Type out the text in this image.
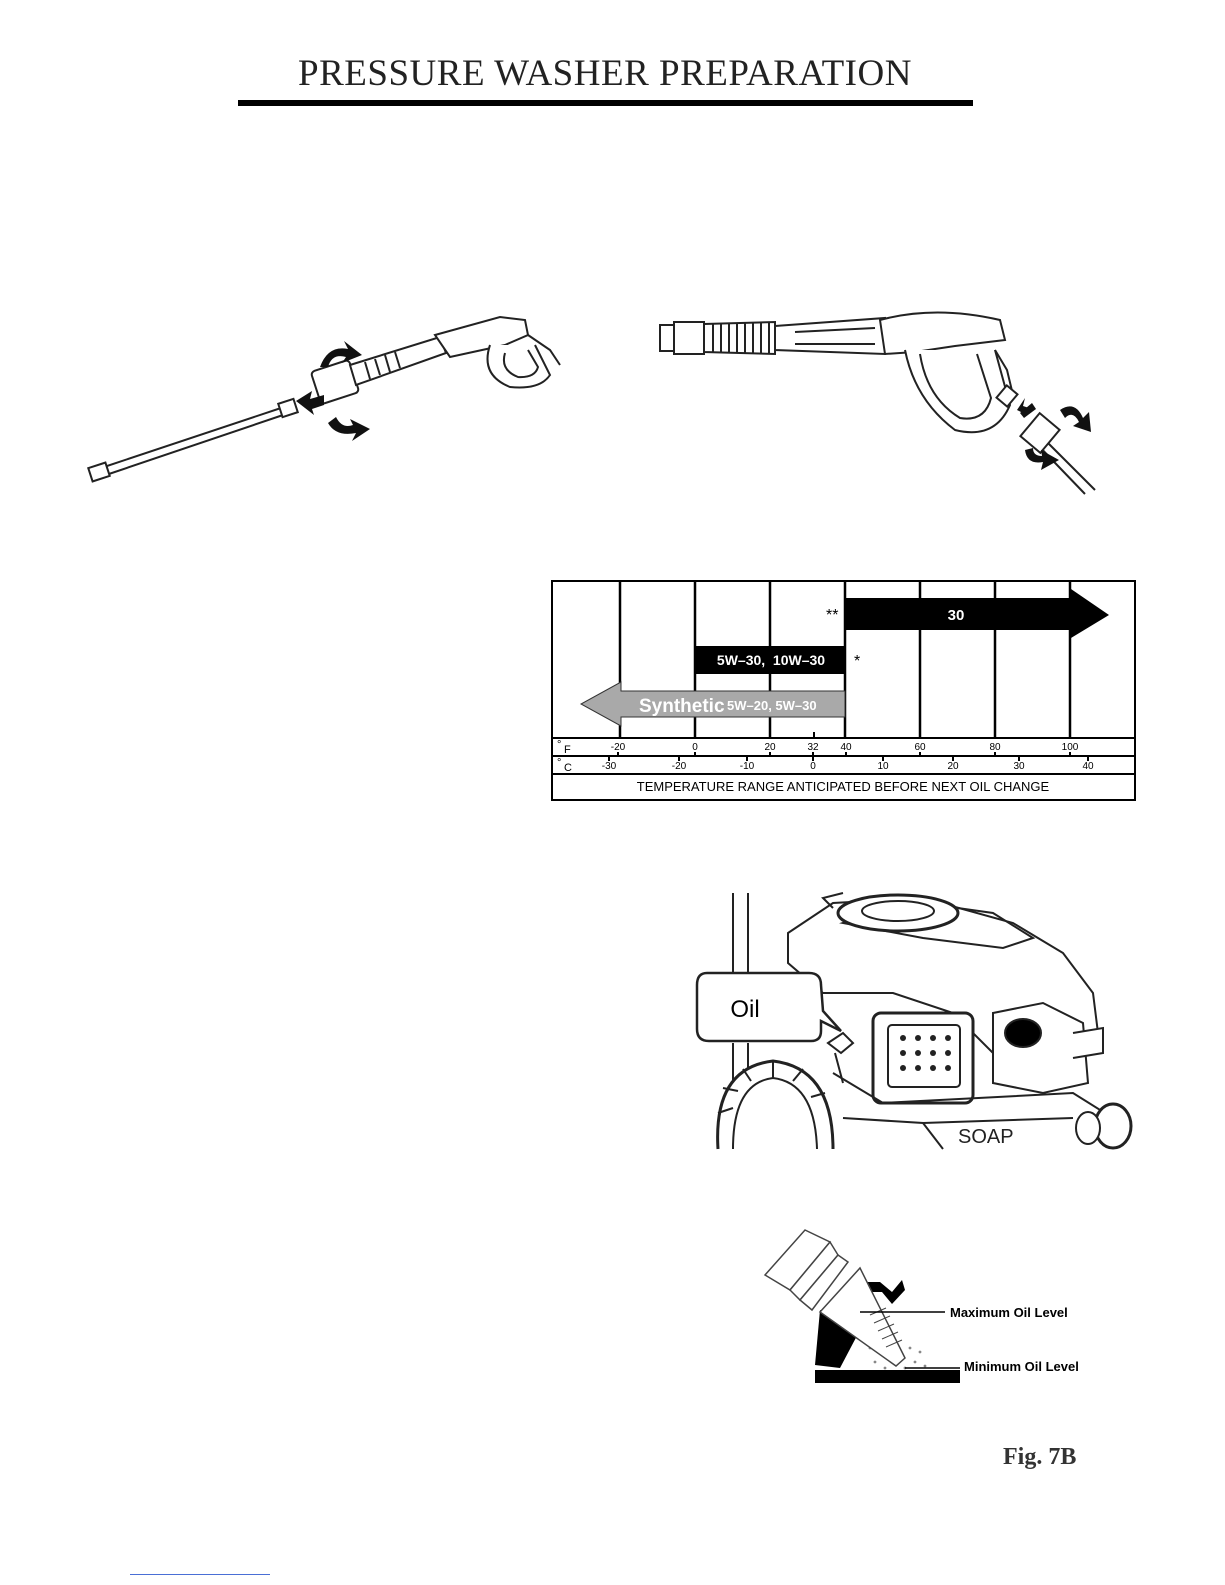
PRESSURE WASHER PREPARATION
30
**
5W–30,  10W–30 *
Synthetic 5W–20, 5W–30
° F	-20	0	20	32 40	60	80	100
° C	-30	-20	-10	0	10	20	30	40
TEMPERATURE RANGE ANTICIPATED BEFORE NEXT OIL CHANGE
Oil
SOAP
Maximum Oil Level
Minimum Oil Level
Fig. 7B
